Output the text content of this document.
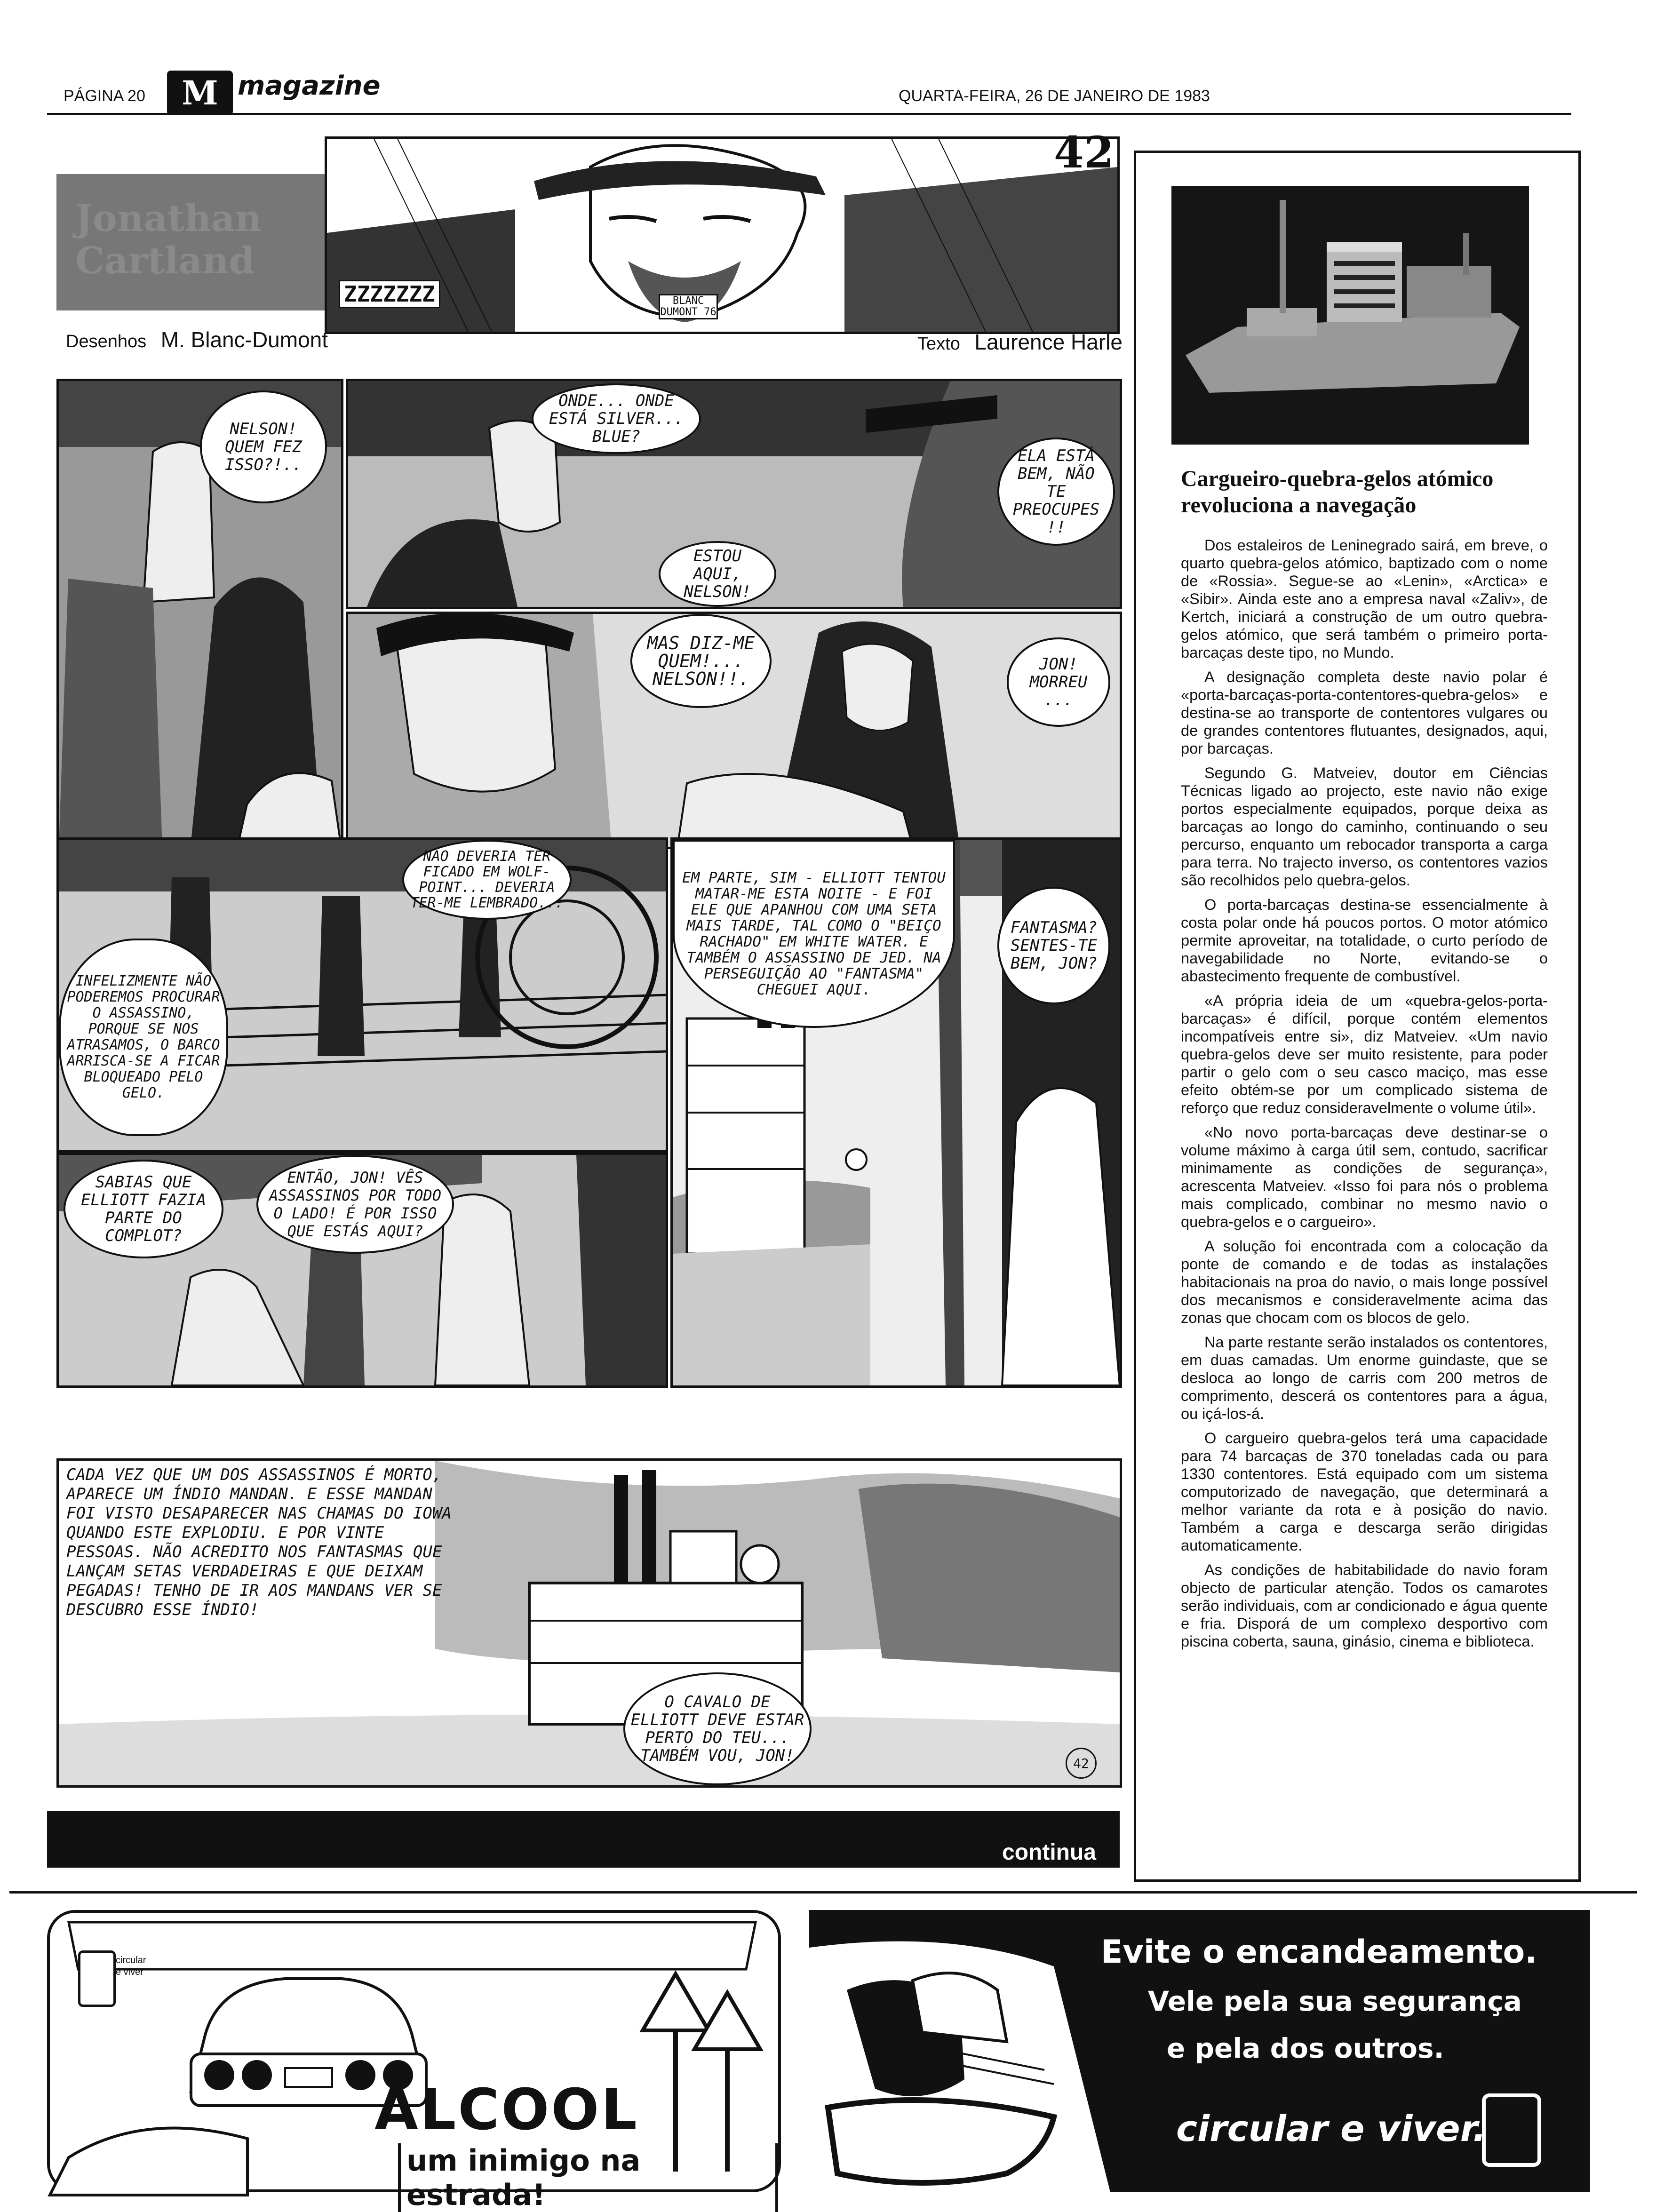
PÁGINA 20	M magazine	QUARTA-FEIRA, 26 DE JANEIRO DE 1983
Jonathan Cartland
ZZZZZZZ	BLANC DUMONT 76
42
Desenhos M. Blanc-Dumont	Texto Laurence Harle
NELSON! QUEM FEZ ISSO?!..
ONDE... ONDE ESTÁ SILVER... BLUE?
ELA ESTÁ BEM, NÃO TE PREOCUPES !!
ESTOU AQUI, NELSON!
MAS DIZ-ME QUEM!... NELSON!!.
JON! MORREU ...
NÃO DEVERIA TER FICADO EM WOLF-POINT... DEVERIA TER-ME LEMBRADO...
INFELIZMENTE NÃO PODEREMOS PROCURAR O ASSASSINO, PORQUE SE NOS ATRASAMOS, O BARCO ARRISCA-SE A FICAR BLOQUEADO PELO GELO.
EM PARTE, SIM - ELLIOTT TENTOU MATAR-ME ESTA NOITE - E FOI ELE QUE APANHOU COM UMA SETA MAIS TARDE, TAL COMO O "BEIÇO RACHADO" EM WHITE WATER. E TAMBÉM O ASSASSINO DE JED. NA PERSEGUIÇÃO AO "FANTASMA" CHEGUEI AQUI.
FANTASMA? SENTES-TE BEM, JON?
SABIAS QUE ELLIOTT FAZIA PARTE DO COMPLOT?
ENTÃO, JON! VÊS ASSASSINOS POR TODO O LADO! É POR ISSO QUE ESTÁS AQUI?
CADA VEZ QUE UM DOS ASSASSINOS É MORTO, APARECE UM ÍNDIO MANDAN. E ESSE MANDAN FOI VISTO DESAPARECER NAS CHAMAS DO IOWA QUANDO ESTE EXPLODIU. E POR VINTE PESSOAS. NÃO ACREDITO NOS FANTASMAS QUE LANÇAM SETAS VERDADEIRAS E QUE DEIXAM PEGADAS! TENHO DE IR AOS MANDANS VER SE DESCUBRO ESSE ÍNDIO!
O CAVALO DE ELLIOTT DEVE ESTAR PERTO DO TEU... TAMBÉM VOU, JON!	42
continua
Cargueiro-quebra-gelos atómico revoluciona a navegação

Dos estaleiros de Leninegrado sairá, em breve, o quarto quebra-gelos atómico, baptizado com o nome de «Rossia». Segue-se ao «Lenin», «Arctica» e «Sibir». Ainda este ano a empresa naval «Zaliv», de Kertch, iniciará a construção de um outro quebra-gelos atómico, que será também o primeiro porta-barcaças deste tipo, no Mundo.

A designação completa deste navio polar é «porta-barcaças-porta-contentores-quebra-gelos» e destina-se ao transporte de contentores vulgares ou de grandes contentores flutuantes, designados, aqui, por barcaças.

Segundo G. Matveiev, doutor em Ciências Técnicas ligado ao projecto, este navio não exige portos especialmente equipados, porque deixa as barcaças ao longo do caminho, continuando o seu percurso, enquanto um rebocador transporta a carga para terra. No trajecto inverso, os contentores vazios são recolhidos pelo quebra-gelos.

O porta-barcaças destina-se essencialmente à costa polar onde há poucos portos. O motor atómico permite aproveitar, na totalidade, o curto período de navegabilidade no Norte, evitando-se o abastecimento frequente de combustível.

«A própria ideia de um «quebra-gelos-porta-barcaças» é difícil, porque contém elementos incompatíveis entre si», diz Matveiev. «Um navio quebra-gelos deve ser muito resistente, para poder partir o gelo com o seu casco maciço, mas esse efeito obtém-se por um complicado sistema de reforço que reduz consideravelmente o volume útil».

«No novo porta-barcaças deve destinar-se o volume máximo à carga útil sem, contudo, sacrificar minimamente as condições de segurança», acrescenta Matveiev. «Isso foi para nós o problema mais complicado, combinar no mesmo navio o quebra-gelos e o cargueiro».

A solução foi encontrada com a colocação da ponte de comando e de todas as instalações habitacionais na proa do navio, o mais longe possível dos mecanismos e consideravelmente acima das zonas que chocam com os blocos de gelo.

Na parte restante serão instalados os contentores, em duas camadas. Um enorme guindaste, que se desloca ao longo de carris com 200 metros de comprimento, descerá os contentores para a água, ou içá-los-á.

O cargueiro quebra-gelos terá uma capacidade para 74 barcaças de 370 toneladas cada ou para 1330 contentores. Está equipado com um sistema computorizado de navegação, que determinará a melhor variante da rota e à posição do navio. Também a carga e descarga serão dirigidas automaticamente.

As condições de habitabilidade do navio foram objecto de particular atenção. Todos os camarotes serão individuais, com ar condicionado e água quente e fria. Disporá de um complexo desportivo com piscina coberta, sauna, ginásio, cinema e biblioteca.

circular
é viver
ÁLCOOL
um inimigo na estrada!
Evite o encandeamento.
Vele pela sua segurança
e pela dos outros.
circular e viver.
